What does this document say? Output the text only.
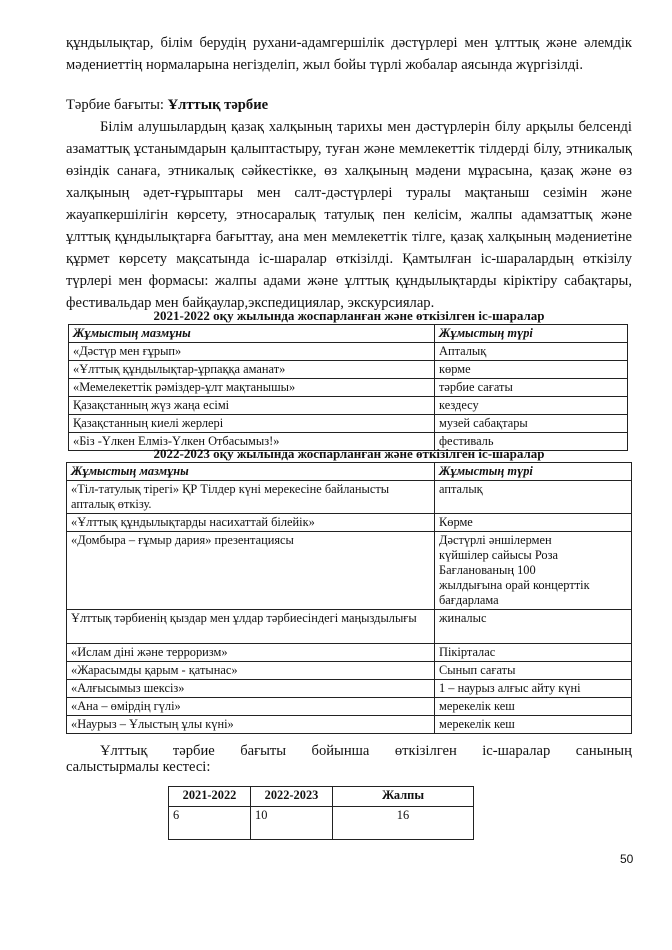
құндылықтар, білім берудің рухани-адамгершілік дәстүрлері мен ұлттық және әлемдік мәдениеттің нормаларына негізделіп, жыл бойы түрлі жобалар аясында жүргізілді.
Тәрбие бағыты: Ұлттық тәрбие
Білім алушылардың қазақ халқының тарихы мен дәстүрлерін білу арқылы белсенді азаматтық ұстанымдарын қалыптастыру, туған және мемлекеттік тілдерді білу, этникалық өзіндік санаға, этникалық сәйкестікке, өз халқының мәдени мұрасына, қазақ және өз халқының әдет-ғұрыптары мен салт-дәстүрлері туралы мақтаныш сезімін және жауапкершілігін көрсету, этносаралық татулық пен келісім, жалпы адамзаттық және ұлттық құндылықтарға бағыттау, ана мен мемлекеттік тілге, қазақ халқының мәдениетіне құрмет көрсету мақсатында іс-шаралар өткізілді. Қамтылған іс-шаралардың өткізілу түрлері мен формасы: жалпы адами және ұлттық құндылықтарды кіріктіру сабақтары, фестивальдар мен байқаулар,экспедициялар, экскурсиялар.
2021-2022 оқу жылында жоспарланған және өткізілген іс-шаралар
Жұмыстың мазмұны	Жұмыстың түрі
«Дәстүр мен ғұрып»	Апталық
«Ұлттық құндылықтар-ұрпаққа аманат»	көрме
«Мемелекеттік рәміздер-ұлт мақтанышы»	тәрбие сағаты
Қазақстанның жүз жаңа есімі	кездесу
Қазақстанның киелі жерлері	музей сабақтары
«Біз -Үлкен Елміз-Үлкен Отбасымыз!»	фестиваль
2022-2023 оқу жылында жоспарланған және өткізілген іс-шаралар
Жұмыстың мазмұны	Жұмыстың түрі
«Тіл-татулық тірегі» ҚР Тілдер күні мерекесіне байланысты апталық өткізу.	апталық
«Ұлттық құндылықтарды насихаттай білейік»	Көрме
«Домбыра – ғұмыр дария» презентациясы	Дәстүрлі әншілермен күйшілер сайысы Роза Бағланованың 100 жылдығына орай концерттік бағдарлама
Ұлттық тәрбиенің қыздар мен ұлдар тәрбиесіндегі маңыздылығы	жиналыс
«Ислам діні және терроризм»	Пікірталас
«Жарасымды қарым - қатынас»	Сынып сағаты
«Алғысымыз шексіз»	1 – наурыз алғыс айту күні
«Ана – өмірдің гүлі»	мерекелік кеш
«Наурыз – Ұлыстың ұлы күні»	мерекелік кеш
Ұлттық тәрбие бағыты бойынша өткізілген іс-шаралар санының
салыстырмалы кестесі:
2021-2022	2022-2023	Жалпы
6	10	16
50
